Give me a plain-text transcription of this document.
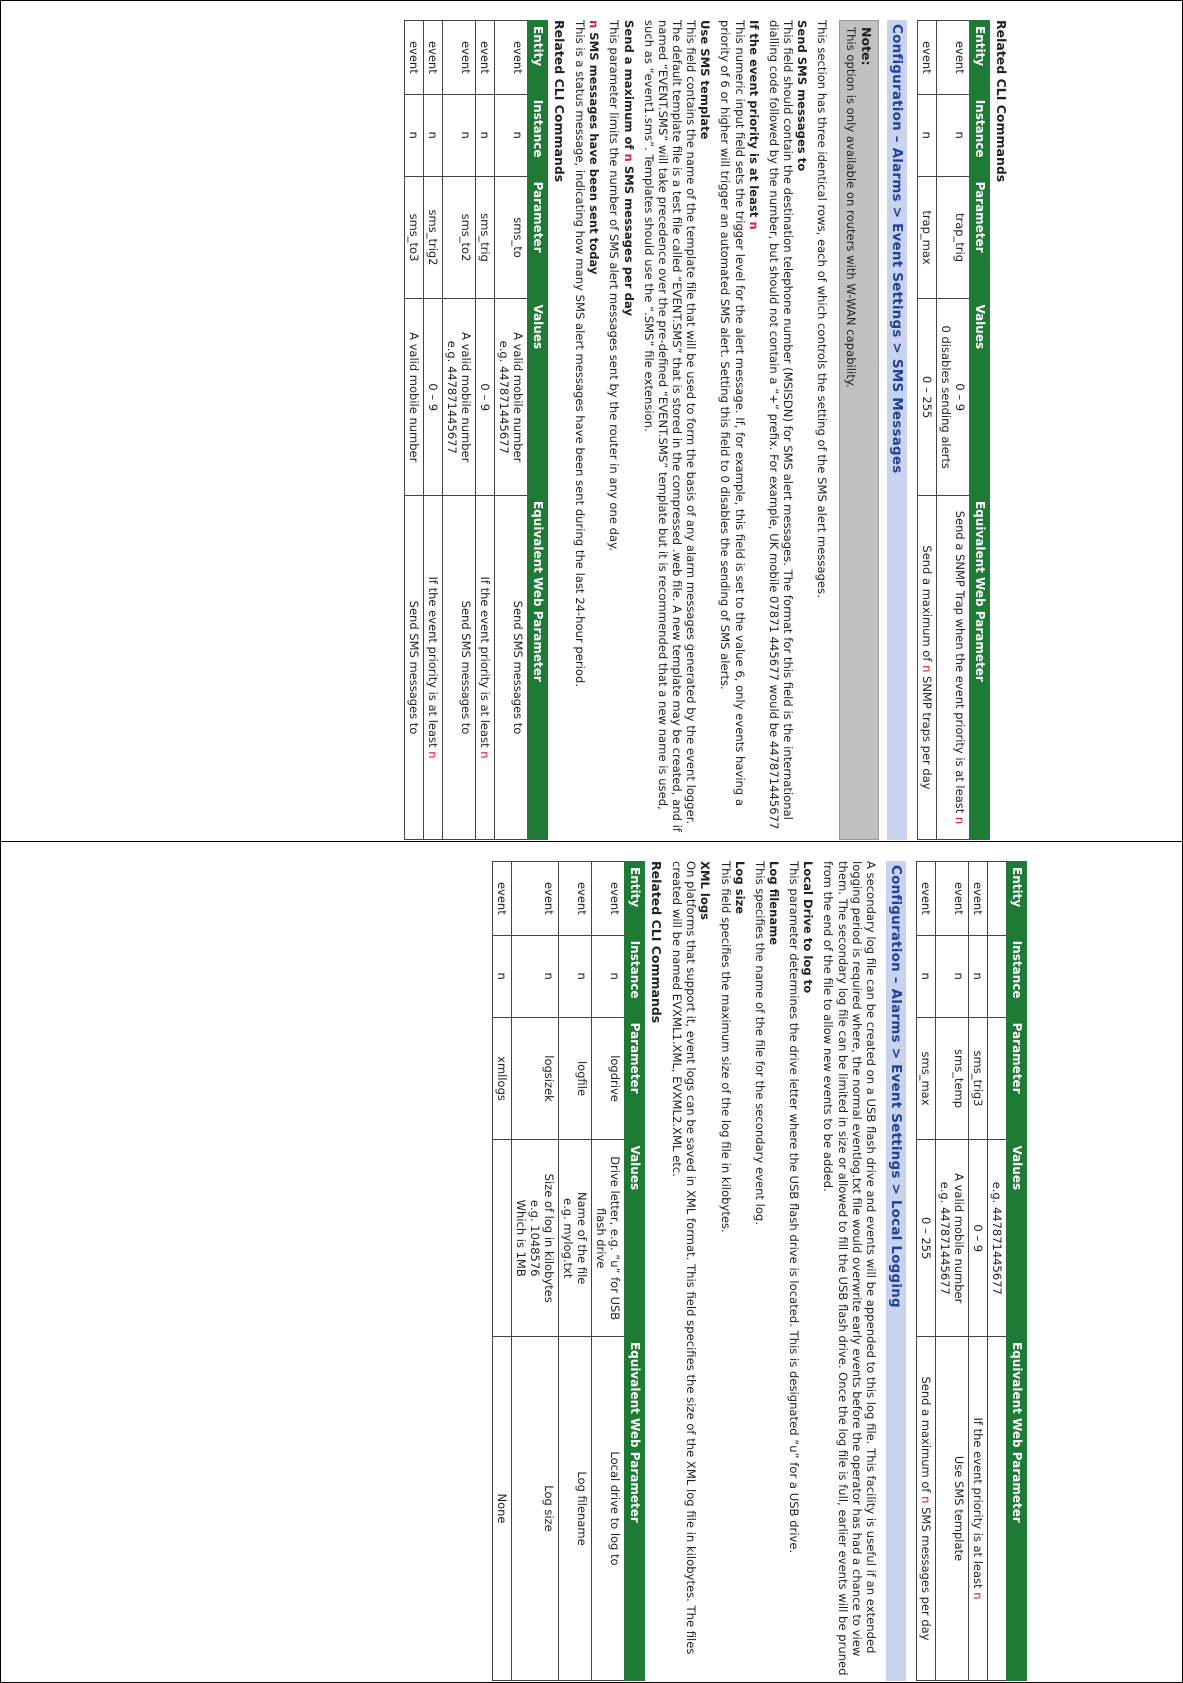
Related CLI Commands
Entity	Instance	Parameter	Values	Equivalent Web Parameter
event	n	trap_trig	0 – 9
0 disables sending alerts	Send a SNMP Trap when the event priority is at least n
event	n	trap_max	0 – 255	Send a maximum of n SNMP traps per day
Configuration – Alarms > Event Settings > SMS Messages
Note:
This option is only available on routers with W-WAN capability.

This section has three identical rows, each of which controls the setting of the SMS alert messages.

Send SMS messages to

This field should contain the destination telephone number (MSISDN) for SMS alert messages. The format for this field is the international dialling code followed by the number, but should not contain a “+” prefix. For example, UK mobile 07871 445677 would be 447871445677

If the event priority is at least n

This numeric input field sets the trigger level for the alert message. If, for example, this field is set to the value 6, only events having a priority of 6 or higher will trigger an automated SMS alert. Setting this field to 0 disables the sending of SMS alerts.

Use SMS template

This field contains the name of the template file that will be used to form the basis of any alarm messages generated by the event logger. The default template file is a test file called “EVENT.SMS” that is stored in the compressed .web file. A new template may be created, and if named “EVENT.SMS” will take precedence over the pre-defined “EVENT.SMS” template but it is recommended that a new name is used, such as “event1.sms”. Templates should use the “.SMS” file extension.

Send a maximum of n SMS messages per day

This parameter limits the number of SMS alert messages sent by the router in any one day.

n SMS messages have been sent today

This is a status message, indicating how many SMS alert messages have been sent during the last 24-hour period.

Related CLI Commands
Entity	Instance	Parameter	Values	Equivalent Web Parameter
event	n	sms_to	A valid mobile number
e.g. 447871445677	Send SMS messages to
event	n	sms_trig	0 – 9	If the event priority is at least n
event	n	sms_to2	A valid mobile number
e.g. 447871445677	Send SMS messages to
event	n	sms_trig2	0 – 9	If the event priority is at least n
event	n	sms_to3	A valid mobile number	Send SMS messages to
Entity	Instance	Parameter	Values	Equivalent Web Parameter
			e.g. 447871445677	
event	n	sms_trig3	0 – 9	If the event priority is at least n
event	n	sms_temp	A valid mobile number
e.g. 447871445677	Use SMS template
event	n	sms_max	0 – 255	Send a maximum of n SMS messages per day
Configuration – Alarms > Event Settings > Local Logging

A secondary log file can be created on a USB flash drive and events will be appended to this log file. This facility is useful if an extended logging period is required where, the normal eventlog.txt file would overwrite early events before the operator has had a chance to view them. The secondary log file can be limited in size or allowed to fill the USB flash drive. Once the log file is full, earlier events will be pruned from the end of the file to allow new events to be added.

Local Drive to log to

This parameter determines the drive letter where the USB flash drive is located. This is designated “u” for a USB drive.

Log filename

This specifies the name of the file for the secondary event log.

Log size

This field specifies the maximum size of the log file in kilobytes.

XML logs

On platforms that support it, event logs can be saved in XML format. This field specifies the size of the XML log file in kilobytes. The files created will be named EVXML1.XML, EVXML2.XML etc.

Related CLI Commands
Entity	Instance	Parameter	Values	Equivalent Web Parameter
event	n	logdrive	Drive letter, e.g. “u” for USB flash drive	Local drive to log to
event	n	logfile	Name of the file
e.g. mylog.txt	Log filename
event	n	logsizek	Size of log in kilobytes
e.g. 1048576
Which is 1MB	Log size
event	n	xmllogs		None
